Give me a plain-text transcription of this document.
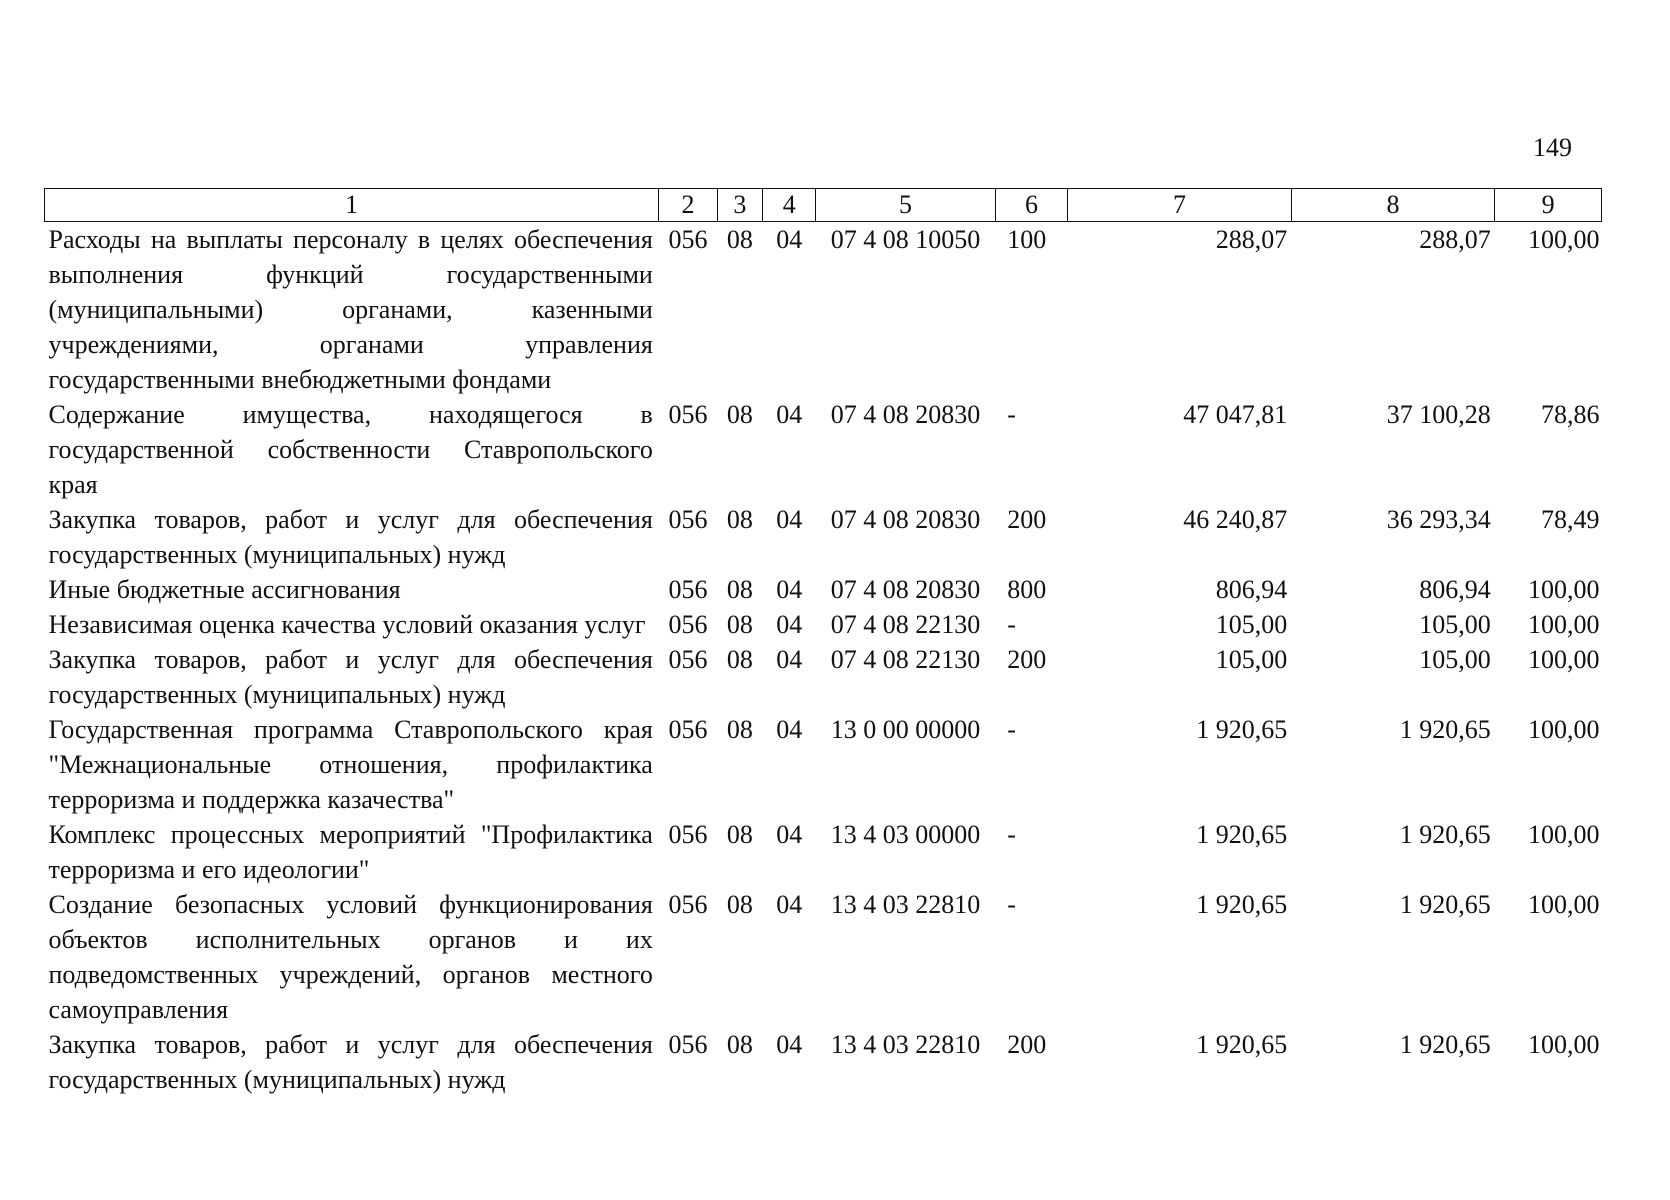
149
1	2	3	4	5	6	7	8	9
Расходы на выплаты персоналу в целях обеспечения выполнения функций государственными (муниципальными) органами, казенными учреждениями, органами управления государственными внебюджетными фондами	056	08	04	07 4 08 10050	100	288,07	288,07	100,00
Содержание имущества, находящегося в государственной собственности Ставропольского края	056	08	04	07 4 08 20830	-	47 047,81	37 100,28	78,86
Закупка товаров, работ и услуг для обеспечения государственных (муниципальных) нужд	056	08	04	07 4 08 20830	200	46 240,87	36 293,34	78,49
Иные бюджетные ассигнования	056	08	04	07 4 08 20830	800	806,94	806,94	100,00
Независимая оценка качества условий оказания услуг	056	08	04	07 4 08 22130	-	105,00	105,00	100,00
Закупка товаров, работ и услуг для обеспечения государственных (муниципальных) нужд	056	08	04	07 4 08 22130	200	105,00	105,00	100,00
Государственная программа Ставропольского края "Межнациональные отношения, профилактика терроризма и поддержка казачества"	056	08	04	13 0 00 00000	-	1 920,65	1 920,65	100,00
Комплекс процессных мероприятий "Профилактика терроризма и его идеологии"	056	08	04	13 4 03 00000	-	1 920,65	1 920,65	100,00
Создание безопасных условий функционирования объектов исполнительных органов и их подведомственных учреждений, органов местного самоуправления	056	08	04	13 4 03 22810	-	1 920,65	1 920,65	100,00
Закупка товаров, работ и услуг для обеспечения государственных (муниципальных) нужд	056	08	04	13 4 03 22810	200	1 920,65	1 920,65	100,00
